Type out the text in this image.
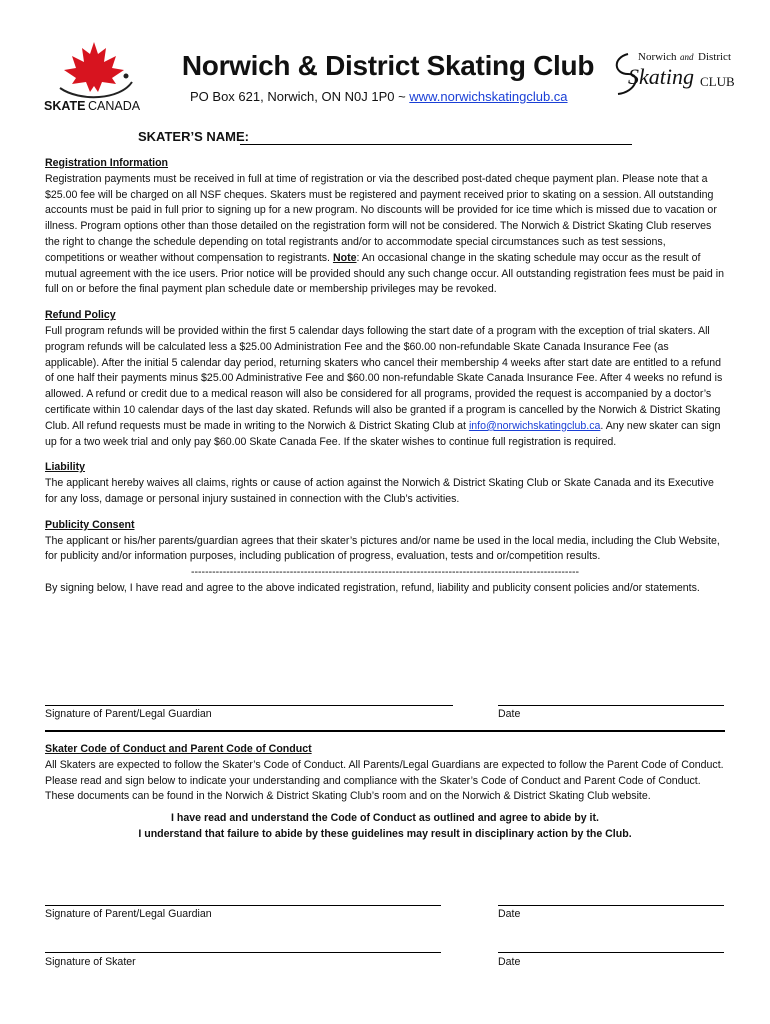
SKATE CANADA
Norwich & District Skating Club
PO Box 621, Norwich, ON N0J 1P0 ~ www.norwichskatingclub.ca
Norwich and District
Skating CLUB
SKATER’S NAME:

Registration Information

Registration payments must be received in full at time of registration or via the described post-dated cheque payment plan. Please note that a $25.00 fee will be charged on all NSF cheques. Skaters must be registered and payment received prior to skating on a session. All outstanding accounts must be paid in full prior to signing up for a new program. No discounts will be provided for ice time which is missed due to vacation or illness. Program options other than those detailed on the registration form will not be considered. The Norwich & District Skating Club reserves the right to change the schedule depending on total registrants and/or to accommodate special circumstances such as test sessions, competitions or weather without compensation to registrants. Note: An occasional change in the skating schedule may occur as the result of mutual agreement with the ice users. Prior notice will be provided should any such change occur. All outstanding registration fees must be paid in full on or before the final payment plan schedule date or membership privileges may be revoked.

Refund Policy

Full program refunds will be provided within the first 5 calendar days following the start date of a program with the exception of trial skaters. All program refunds will be calculated less a $25.00 Administration Fee and the $60.00 non-refundable Skate Canada Insurance Fee (as applicable). After the initial 5 calendar day period, returning skaters who cancel their membership 4 weeks after start date are entitled to a refund of one half their payments minus $25.00 Administrative Fee and $60.00 non-refundable Skate Canada Insurance Fee. After 4 weeks no refund is allowed. A refund or credit due to a medical reason will also be considered for all programs, provided the request is accompanied by a doctor’s certificate within 10 calendar days of the last day skated. Refunds will also be granted if a program is cancelled by the Norwich & District Skating Club. All refund requests must be made in writing to the Norwich & District Skating Club at info@norwichskatingclub.ca. Any new skater can sign up for a two week trial and only pay $60.00 Skate Canada Fee. If the skater wishes to continue full registration is required.

Liability

The applicant hereby waives all claims, rights or cause of action against the Norwich & District Skating Club or Skate Canada and its Executive for any loss, damage or personal injury sustained in connection with the Club’s activities.

Publicity Consent

The applicant or his/her parents/guardian agrees that their skater’s pictures and/or name be used in the local media, including the Club Website, for publicity and/or information purposes, including publication of progress, evaluation, tests and or/competition results.

--------------------------------------------------------------------------------------------------------------

By signing below, I have read and agree to the above indicated registration, refund, liability and publicity consent policies and/or statements.

Signature of Parent/Legal Guardian	Date

Skater Code of Conduct and Parent Code of Conduct

All Skaters are expected to follow the Skater’s Code of Conduct. All Parents/Legal Guardians are expected to follow the Parent Code of Conduct. Please read and sign below to indicate your understanding and compliance with the Skater’s Code of Conduct and Parent Code of Conduct. These documents can be found in the Norwich & District Skating Club’s room and on the Norwich & District Skating Club website.

I have read and understand the Code of Conduct as outlined and agree to abide by it.

I understand that failure to abide by these guidelines may result in disciplinary action by the Club.

Signature of Parent/Legal Guardian	Date
Signature of Skater	Date
